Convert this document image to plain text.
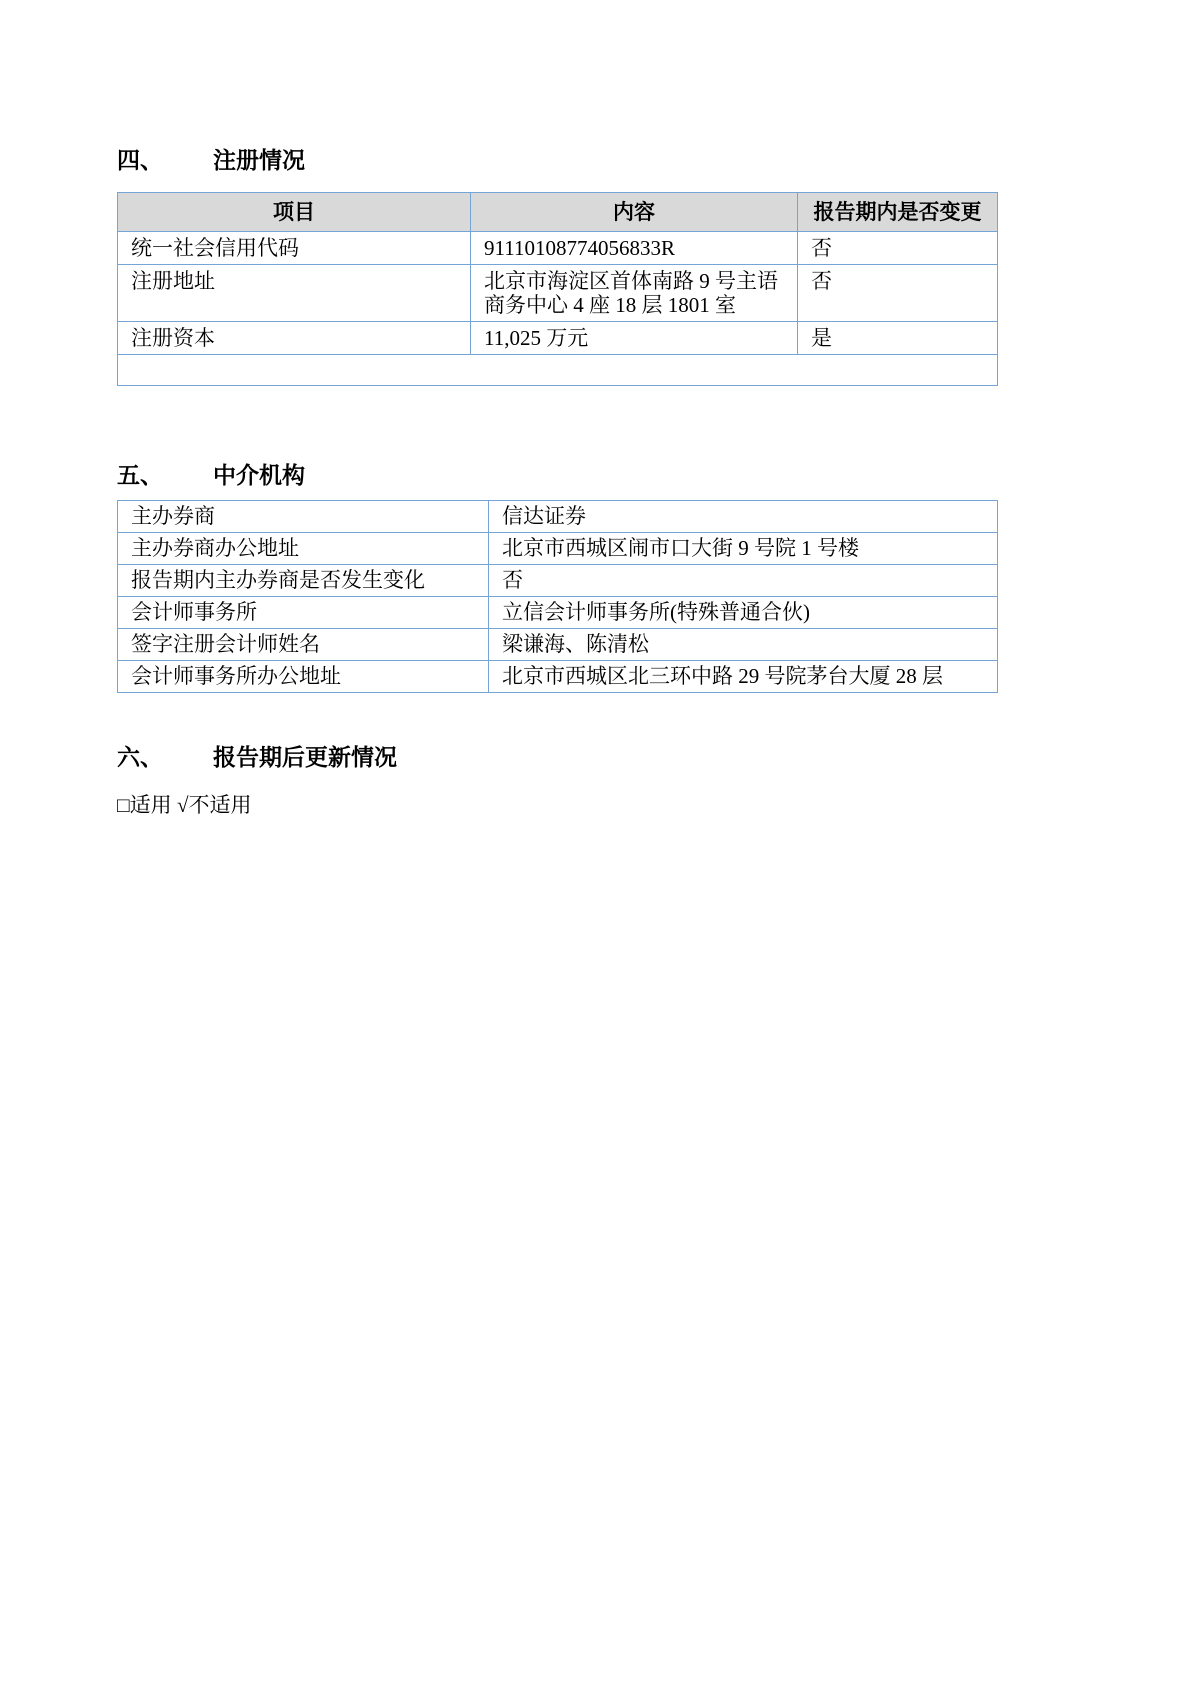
四、 注册情况
项目	内容	报告期内是否变更
统一社会信用代码	91110108774056833R	否
注册地址	北京市海淀区首体南路 9 号主语商务中心 4 座 18 层 1801 室	否
注册资本	11,025 万元	是

五、 中介机构
主办券商	信达证券
主办券商办公地址	北京市西城区闹市口大街 9 号院 1 号楼
报告期内主办券商是否发生变化	否
会计师事务所	立信会计师事务所(特殊普通合伙)
签字注册会计师姓名	梁谦海、陈清松
会计师事务所办公地址	北京市西城区北三环中路 29 号院茅台大厦 28 层
六、 报告期后更新情况
□适用 √不适用
